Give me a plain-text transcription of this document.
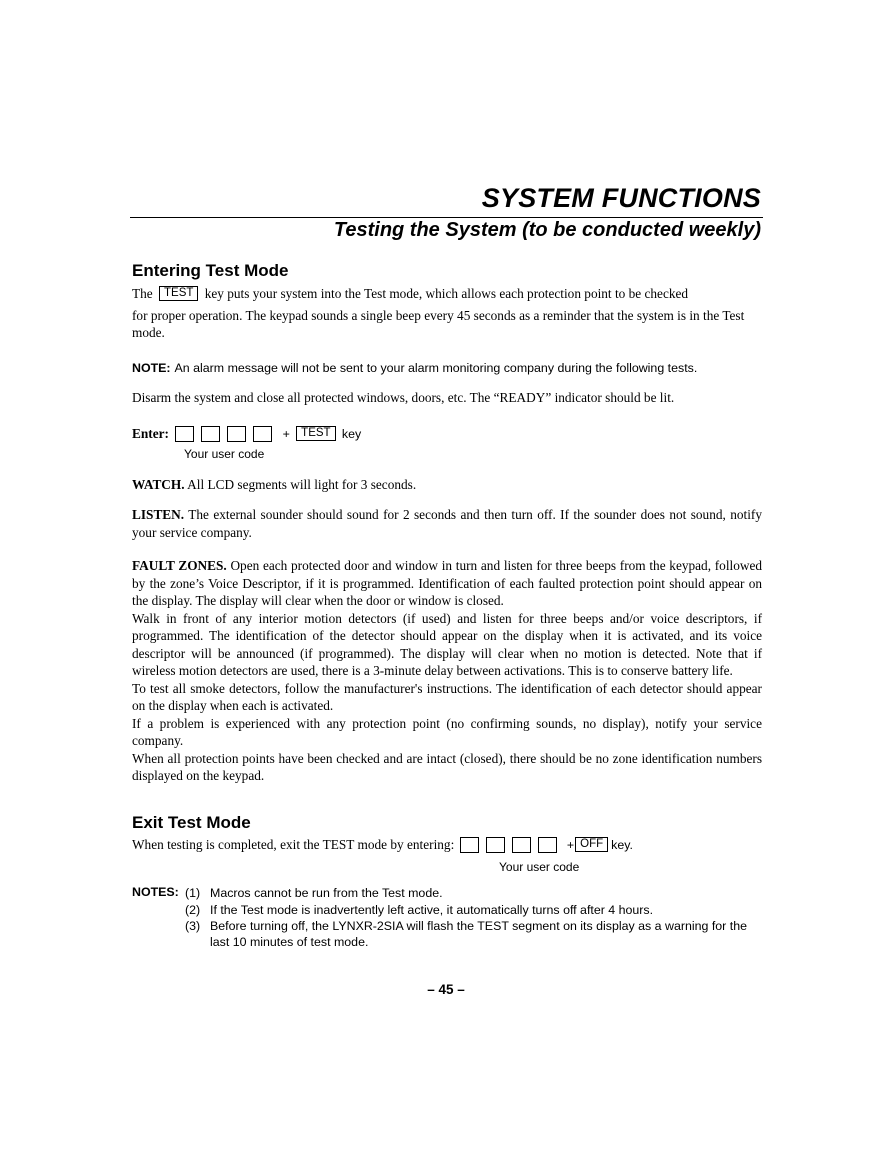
SYSTEM FUNCTIONS
Testing the System (to be conducted weekly)
Entering Test Mode
The TEST key puts your system into the Test mode, which allows each protection point to be checked
for proper operation. The keypad sounds a single beep every 45 seconds as a reminder that the system is in the Test mode.
NOTE: An alarm message will not be sent to your alarm monitoring company during the following tests.
Disarm the system and close all protected windows, doors, etc. The “READY” indicator should be lit.
Enter:	+ TEST key
Your user code
WATCH. All LCD segments will light for 3 seconds.
LISTEN. The external sounder should sound for 2 seconds and then turn off. If the sounder does not sound, notify your service company.
FAULT ZONES. Open each protected door and window in turn and listen for three beeps from the keypad, followed by the zone’s Voice Descriptor, if it is programmed. Identification of each faulted protection point should appear on the display. The display will clear when the door or window is closed.
Walk in front of any interior motion detectors (if used) and listen for three beeps and/or voice descriptors, if programmed. The identification of the detector should appear on the display when it is activated, and its voice descriptor will be announced (if programmed). The display will clear when no motion is detected. Note that if wireless motion detectors are used, there is a 3-minute delay between activations. This is to conserve battery life.
To test all smoke detectors, follow the manufacturer's instructions. The identification of each detector should appear on the display when each is activated.
If a problem is experienced with any protection point (no confirming sounds, no display), notify your service company.
When all protection points have been checked and are intact (closed), there should be no zone identification numbers displayed on the keypad.
Exit Test Mode
When testing is completed, exit the TEST mode by entering:	+ OFF key.
Your user code
NOTES: (1) Macros cannot be run from the Test mode.
(2) If the Test mode is inadvertently left active, it automatically turns off after 4 hours.
(3) Before turning off, the LYNXR-2SIA will flash the TEST segment on its display as a warning for the last 10 minutes of test mode.
– 45 –
